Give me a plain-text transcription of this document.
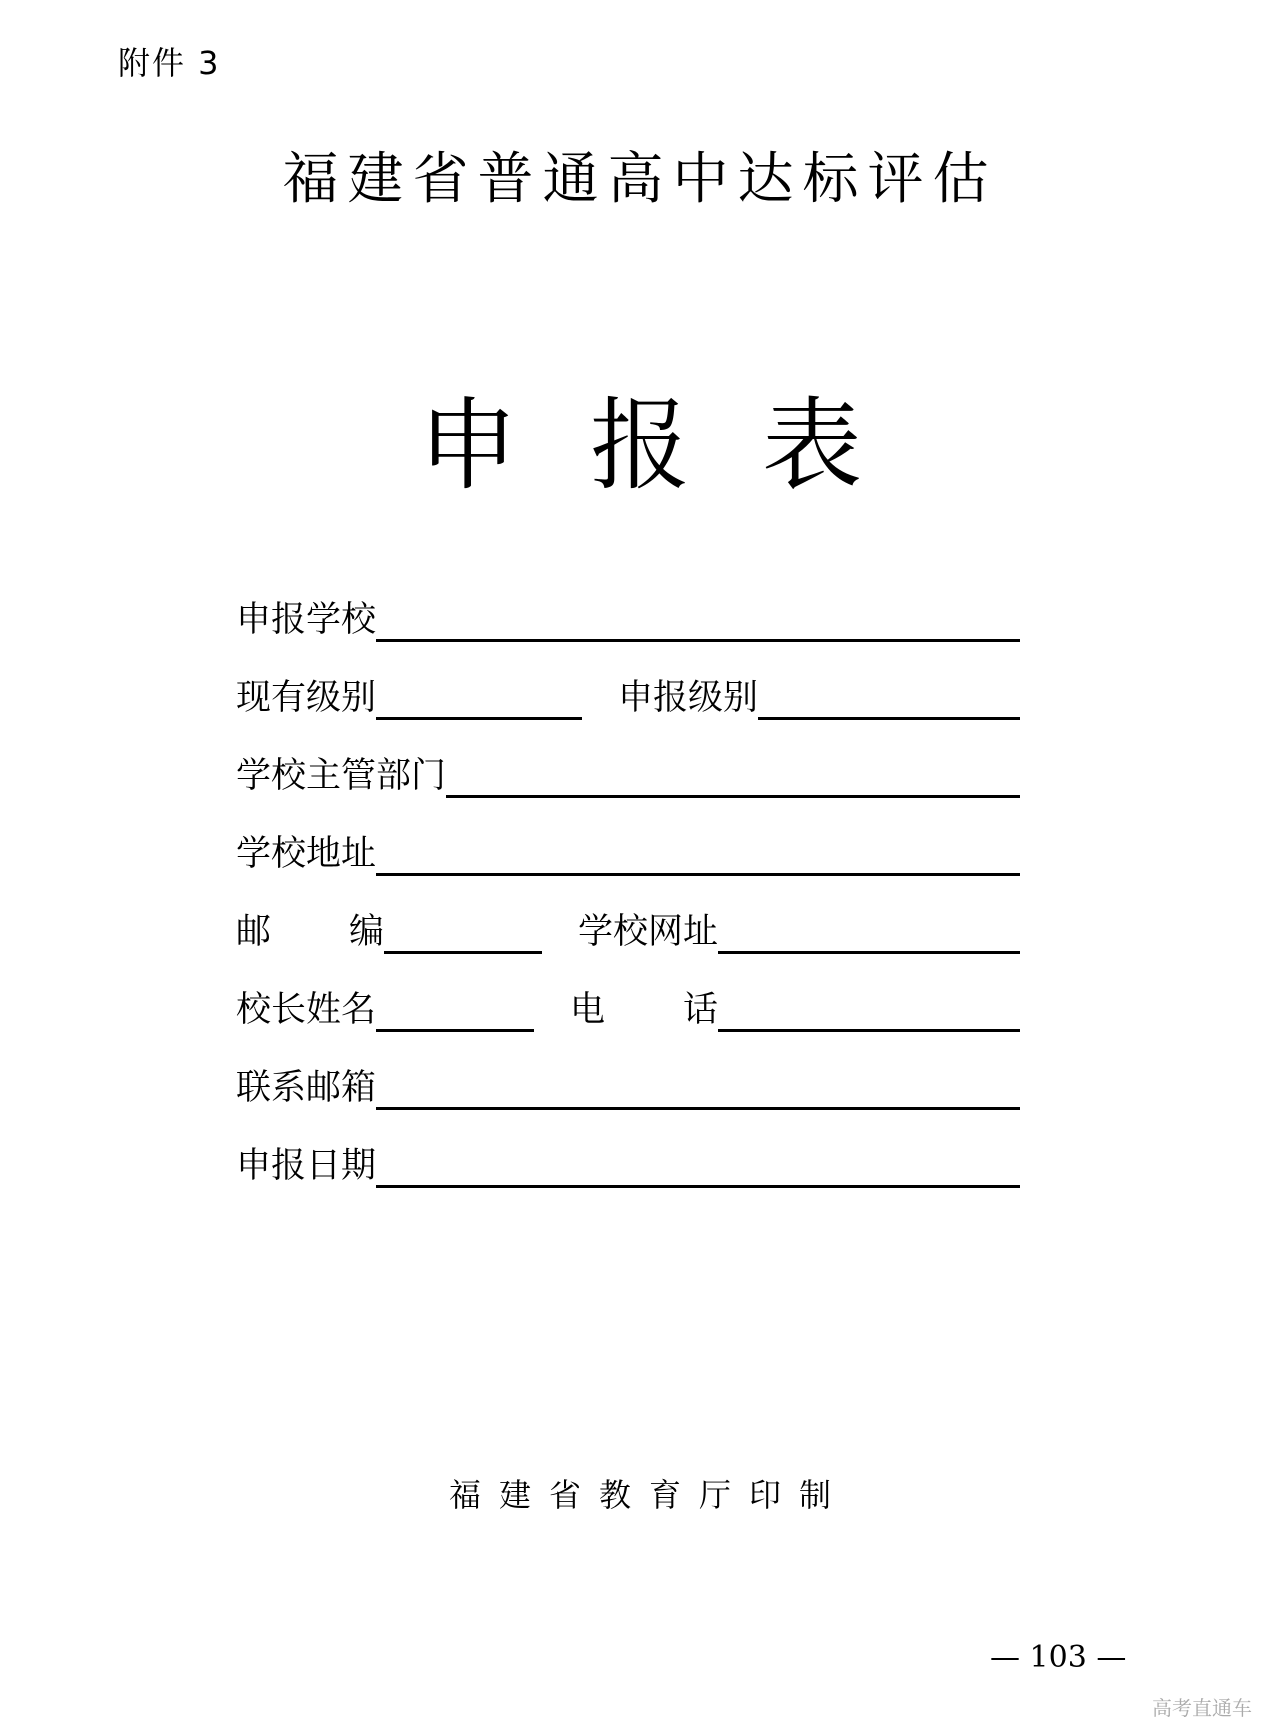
附件 3
福建省普通高中达标评估
申报表
申报学校
现有级别	申报级别
学校主管部门
学校地址
邮 编	学校网址
校长姓名	电 话
联系邮箱
申报日期
福建省教育厅印制
— 103 —
高考直通车
